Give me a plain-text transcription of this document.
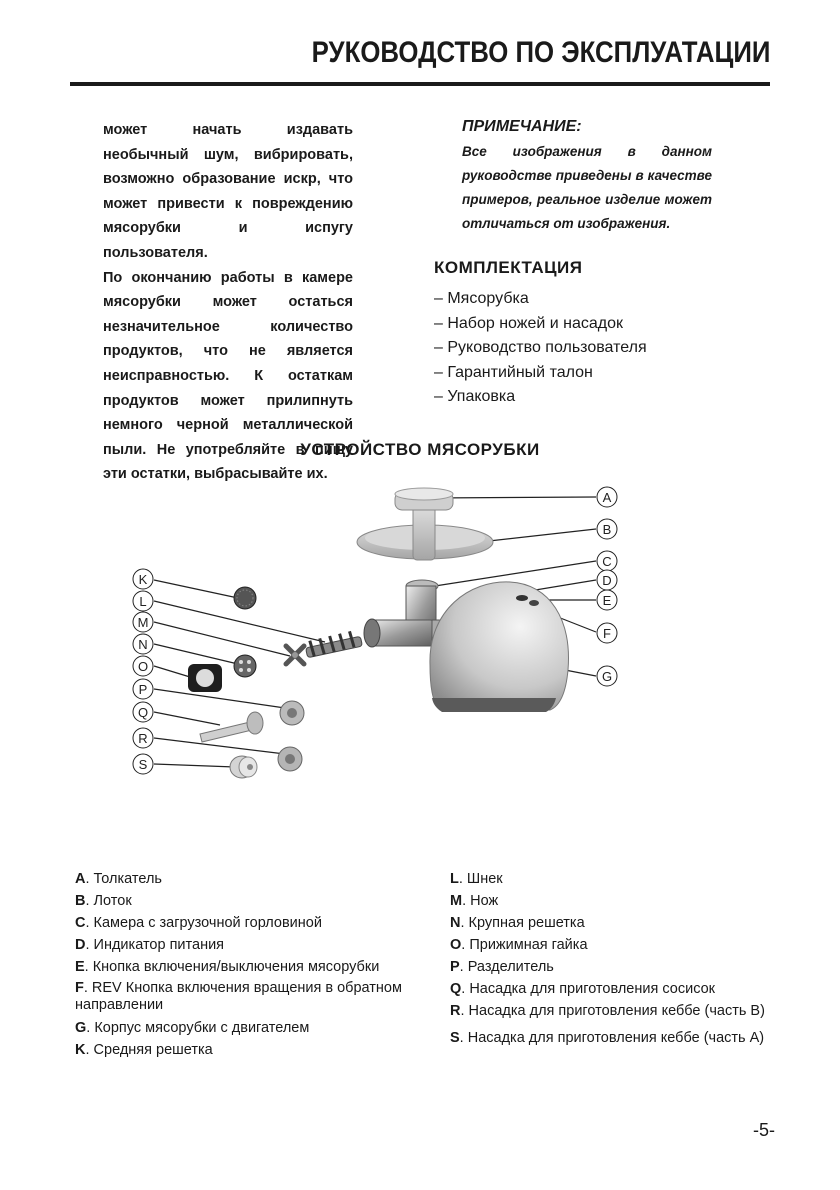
РУКОВОДСТВО ПО ЭКСПЛУАТАЦИИ

может начать издавать необычный шум, вибрировать, возможно образование искр, что может привести к повреждению мясорубки и испугу пользователя.

По окончанию работы в камере мясорубки может остаться незначительное количество продуктов, что не является неисправностью. К остаткам продуктов может прилипнуть немного черной металлической пыли. Не употребляйте в пищу эти остатки, выбрасывайте их.

ПРИМЕЧАНИЕ:

Все изображения в данном руководстве приведены в качестве примеров, реальное изделие может отличаться от изображения.

КОМПЛЕКТАЦИЯ
– Мясорубка
– Набор ножей и насадок
– Руководство пользователя
– Гарантийный талон
– Упаковка
УСТРОЙСТВО МЯСОРУБКИ
A
B
C
D
E
F
G
K
L
M
N
O
P
Q
R
S
A. Толкатель
B. Лоток
C. Камера с загрузочной горловиной
D. Индикатор питания
E. Кнопка включения/выключения мясорубки
F. REV Кнопка включения вращения в обратном направлении
G. Корпус мясорубки с двигателем
K. Средняя решетка
L. Шнек
M. Нож
N. Крупная решетка
O. Прижимная гайка
P. Разделитель
Q. Насадка для приготовления сосисок
R. Насадка для приготовления кеббе (часть B)
S. Насадка для приготовления кеббе (часть A)
-5-
